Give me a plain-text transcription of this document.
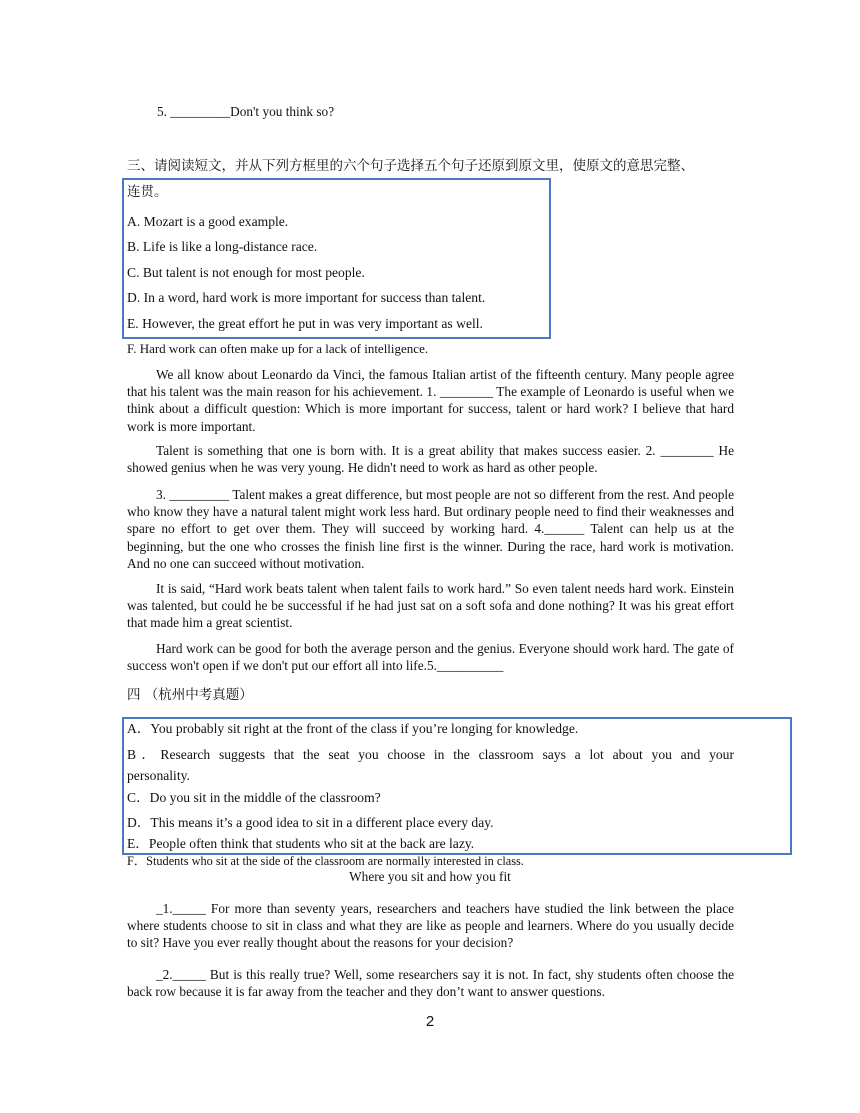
5. _________Don't you think so?
三、请阅读短文，并从下列方框里的六个句子选择五个句子还原到原文里，使原文的意思完整、
连贯。
A. Mozart is a good example.
B. Life is like a long-distance race.
C. But talent is not enough for most people.
D. In a word, hard work is more important for success than talent.
E. However, the great effort he put in was very important as well.
F. Hard work can often make up for a lack of intelligence.
We all know about Leonardo da Vinci, the famous Italian artist of the fifteenth century. Many people agree that his talent was the main reason for his achievement. 1. ________ The example of Leonardo is useful when we think about a difficult question: Which is more important for success, talent or hard work? I believe that hard work is more important.
Talent is something that one is born with. It is a great ability that makes success easier. 2. ________ He showed genius when he was very young. He didn't need to work as hard as other people.
3. _________ Talent makes a great difference, but most people are not so different from the rest. And people who know they have a natural talent might work less hard. But ordinary people need to find their weaknesses and spare no effort to get over them. They will succeed by working hard. 4.______ Talent can help us at the beginning, but the one who crosses the finish line first is the winner. During the race, hard work is motivation. And no one can succeed without motivation.
It is said, “Hard work beats talent when talent fails to work hard.” So even talent needs hard work. Einstein was talented, but could he be successful if he had just sat on a soft sofa and done nothing? It was his great effort that made him a great scientist.
Hard work can be good for both the average person and the genius. Everyone should work hard. The gate of success won't open if we don't put our effort all into life.5.__________
四 （杭州中考真题）
A．You probably sit right at the front of the class if you’re longing for knowledge.
B．Research suggests that the seat you choose in the classroom says a lot about you and your
personality.
C．Do you sit in the middle of the classroom?
D．This means it’s a good idea to sit in a different place every day.
E．People often think that students who sit at the back are lazy.
F．Students who sit at the side of the classroom are normally interested in class.
Where you sit and how you fit
_1._____ For more than seventy years, researchers and teachers have studied the link between the place where students choose to sit in class and what they are like as people and learners. Where do you usually decide to sit? Have you ever really thought about the reasons for your decision?
_2._____ But is this really true? Well, some researchers say it is not. In fact, shy students often choose the back row because it is far away from the teacher and they don’t want to answer questions.
2
